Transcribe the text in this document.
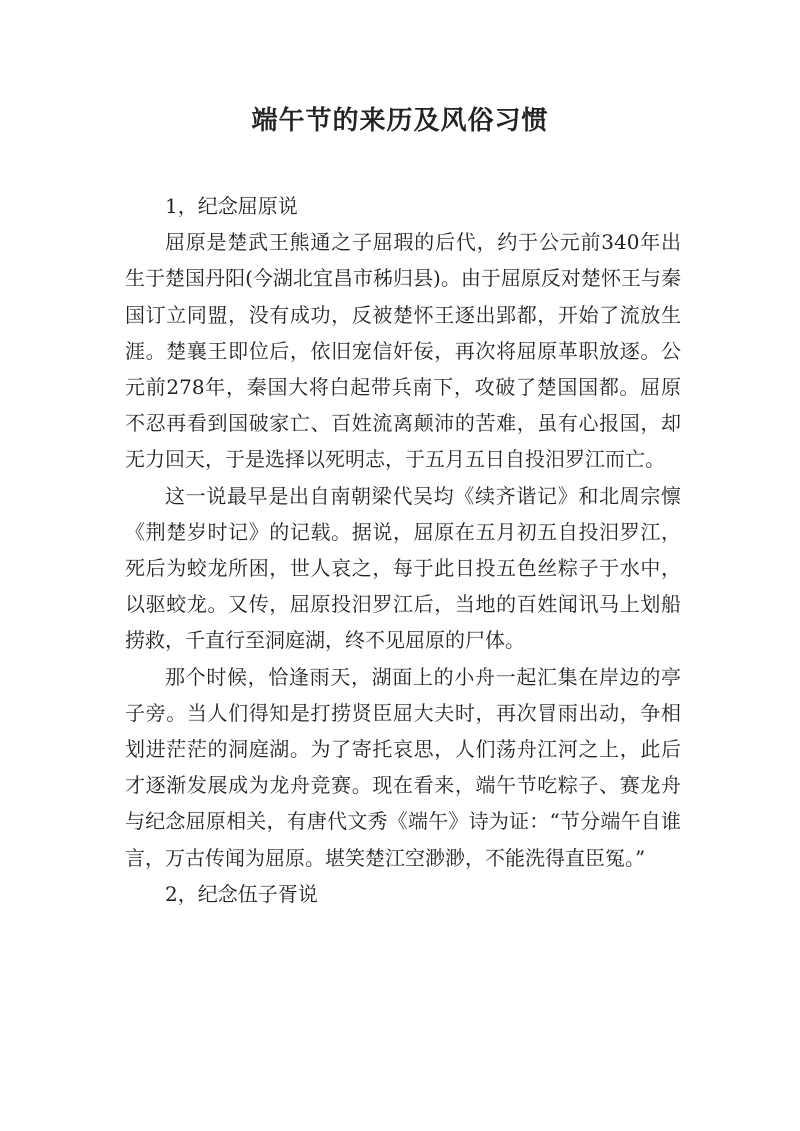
端午节的来历及风俗习惯

1，纪念屈原说

屈原是楚武王熊通之子屈瑕的后代，约于公元前340年出生于楚国丹阳(今湖北宜昌市秭归县)。由于屈原反对楚怀王与秦国订立同盟，没有成功，反被楚怀王逐出郢都，开始了流放生涯。楚襄王即位后，依旧宠信奸佞，再次将屈原革职放逐。公元前278年，秦国大将白起带兵南下，攻破了楚国国都。屈原不忍再看到国破家亡、百姓流离颠沛的苦难，虽有心报国，却无力回天，于是选择以死明志，于五月五日自投汨罗江而亡。

这一说最早是出自南朝梁代吴均《续齐谐记》和北周宗懔《荆楚岁时记》的记载。据说，屈原在五月初五自投汨罗江，死后为蛟龙所困，世人哀之，每于此日投五色丝粽子于水中，以驱蛟龙。又传，屈原投汨罗江后，当地的百姓闻讯马上划船捞救，千直行至洞庭湖，终不见屈原的尸体。

那个时候，恰逢雨天，湖面上的小舟一起汇集在岸边的亭子旁。当人们得知是打捞贤臣屈大夫时，再次冒雨出动，争相划进茫茫的洞庭湖。为了寄托哀思，人们荡舟江河之上，此后才逐渐发展成为龙舟竞赛。现在看来，端午节吃粽子、赛龙舟与纪念屈原相关，有唐代文秀《端午》诗为证：“节分端午自谁言，万古传闻为屈原。堪笑楚江空渺渺，不能洗得直臣冤。”

2，纪念伍子胥说
